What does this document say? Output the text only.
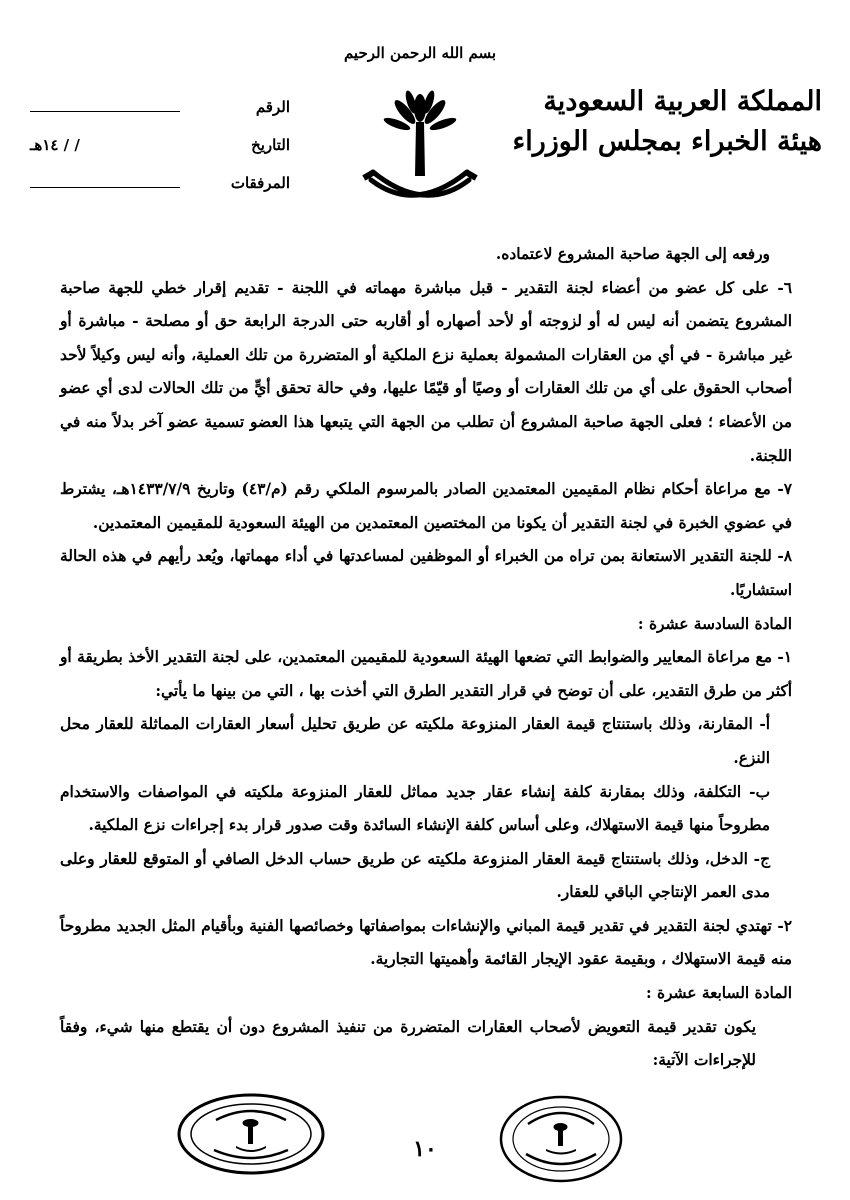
بسم الله الرحمن الرحيم
المملكة العربية السعودية
هيئة الخبراء بمجلس الوزراء
الرقم
التاريخ
١٤هـ / /
المرفقات

ورفعه إلى الجهة صاحبة المشروع لاعتماده.

٦- على كل عضو من أعضاء لجنة التقدير - قبل مباشرة مهماته في اللجنة - تقديم إقرار خطي للجهة صاحبة المشروع يتضمن أنه ليس له أو لزوجته أو لأحد أصهاره أو أقاربه حتى الدرجة الرابعة حق أو مصلحة - مباشرة أو غير مباشرة - في أي من العقارات المشمولة بعملية نزع الملكية أو المتضررة من تلك العملية، وأنه ليس وكيلاً لأحد أصحاب الحقوق على أي من تلك العقارات أو وصيًا أو قيّمًا عليها، وفي حالة تحقق أيٍّ من تلك الحالات لدى أي عضو من الأعضاء ؛ فعلى الجهة صاحبة المشروع أن تطلب من الجهة التي يتبعها هذا العضو تسمية عضو آخر بدلاً منه في اللجنة.

٧- مع مراعاة أحكام نظام المقيمين المعتمدين الصادر بالمرسوم الملكي رقم (م/٤٣) وتاريخ ١٤٣٣/٧/٩هـ، يشترط في عضوي الخبرة في لجنة التقدير أن يكونا من المختصين المعتمدين من الهيئة السعودية للمقيمين المعتمدين.

٨- للجنة التقدير الاستعانة بمن تراه من الخبراء أو الموظفين لمساعدتها في أداء مهماتها، ويُعد رأيهم في هذه الحالة استشاريًا.

المادة السادسة عشرة :

١- مع مراعاة المعايير والضوابط التي تضعها الهيئة السعودية للمقيمين المعتمدين، على لجنة التقدير الأخذ بطريقة أو أكثر من طرق التقدير، على أن توضح في قرار التقدير الطرق التي أخذت بها ، التي من بينها ما يأتي:

أ- المقارنة، وذلك باستنتاج قيمة العقار المنزوعة ملكيته عن طريق تحليل أسعار العقارات المماثلة للعقار محل النزع.

ب- التكلفة، وذلك بمقارنة كلفة إنشاء عقار جديد مماثل للعقار المنزوعة ملكيته في المواصفات والاستخدام مطروحاً منها قيمة الاستهلاك، وعلى أساس كلفة الإنشاء السائدة وقت صدور قرار بدء إجراءات نزع الملكية.

ج- الدخل، وذلك باستنتاج قيمة العقار المنزوعة ملكيته عن طريق حساب الدخل الصافي أو المتوقع للعقار وعلى مدى العمر الإنتاجي الباقي للعقار.

٢- تهتدي لجنة التقدير في تقدير قيمة المباني والإنشاءات بمواصفاتها وخصائصها الفنية وبأقيام المثل الجديد مطروحاً منه قيمة الاستهلاك ، وبقيمة عقود الإيجار القائمة وأهميتها التجارية.

المادة السابعة عشرة :

يكون تقدير قيمة التعويض لأصحاب العقارات المتضررة من تنفيذ المشروع دون أن يقتطع منها شيء، وفقاً للإجراءات الآتية:

١٠
